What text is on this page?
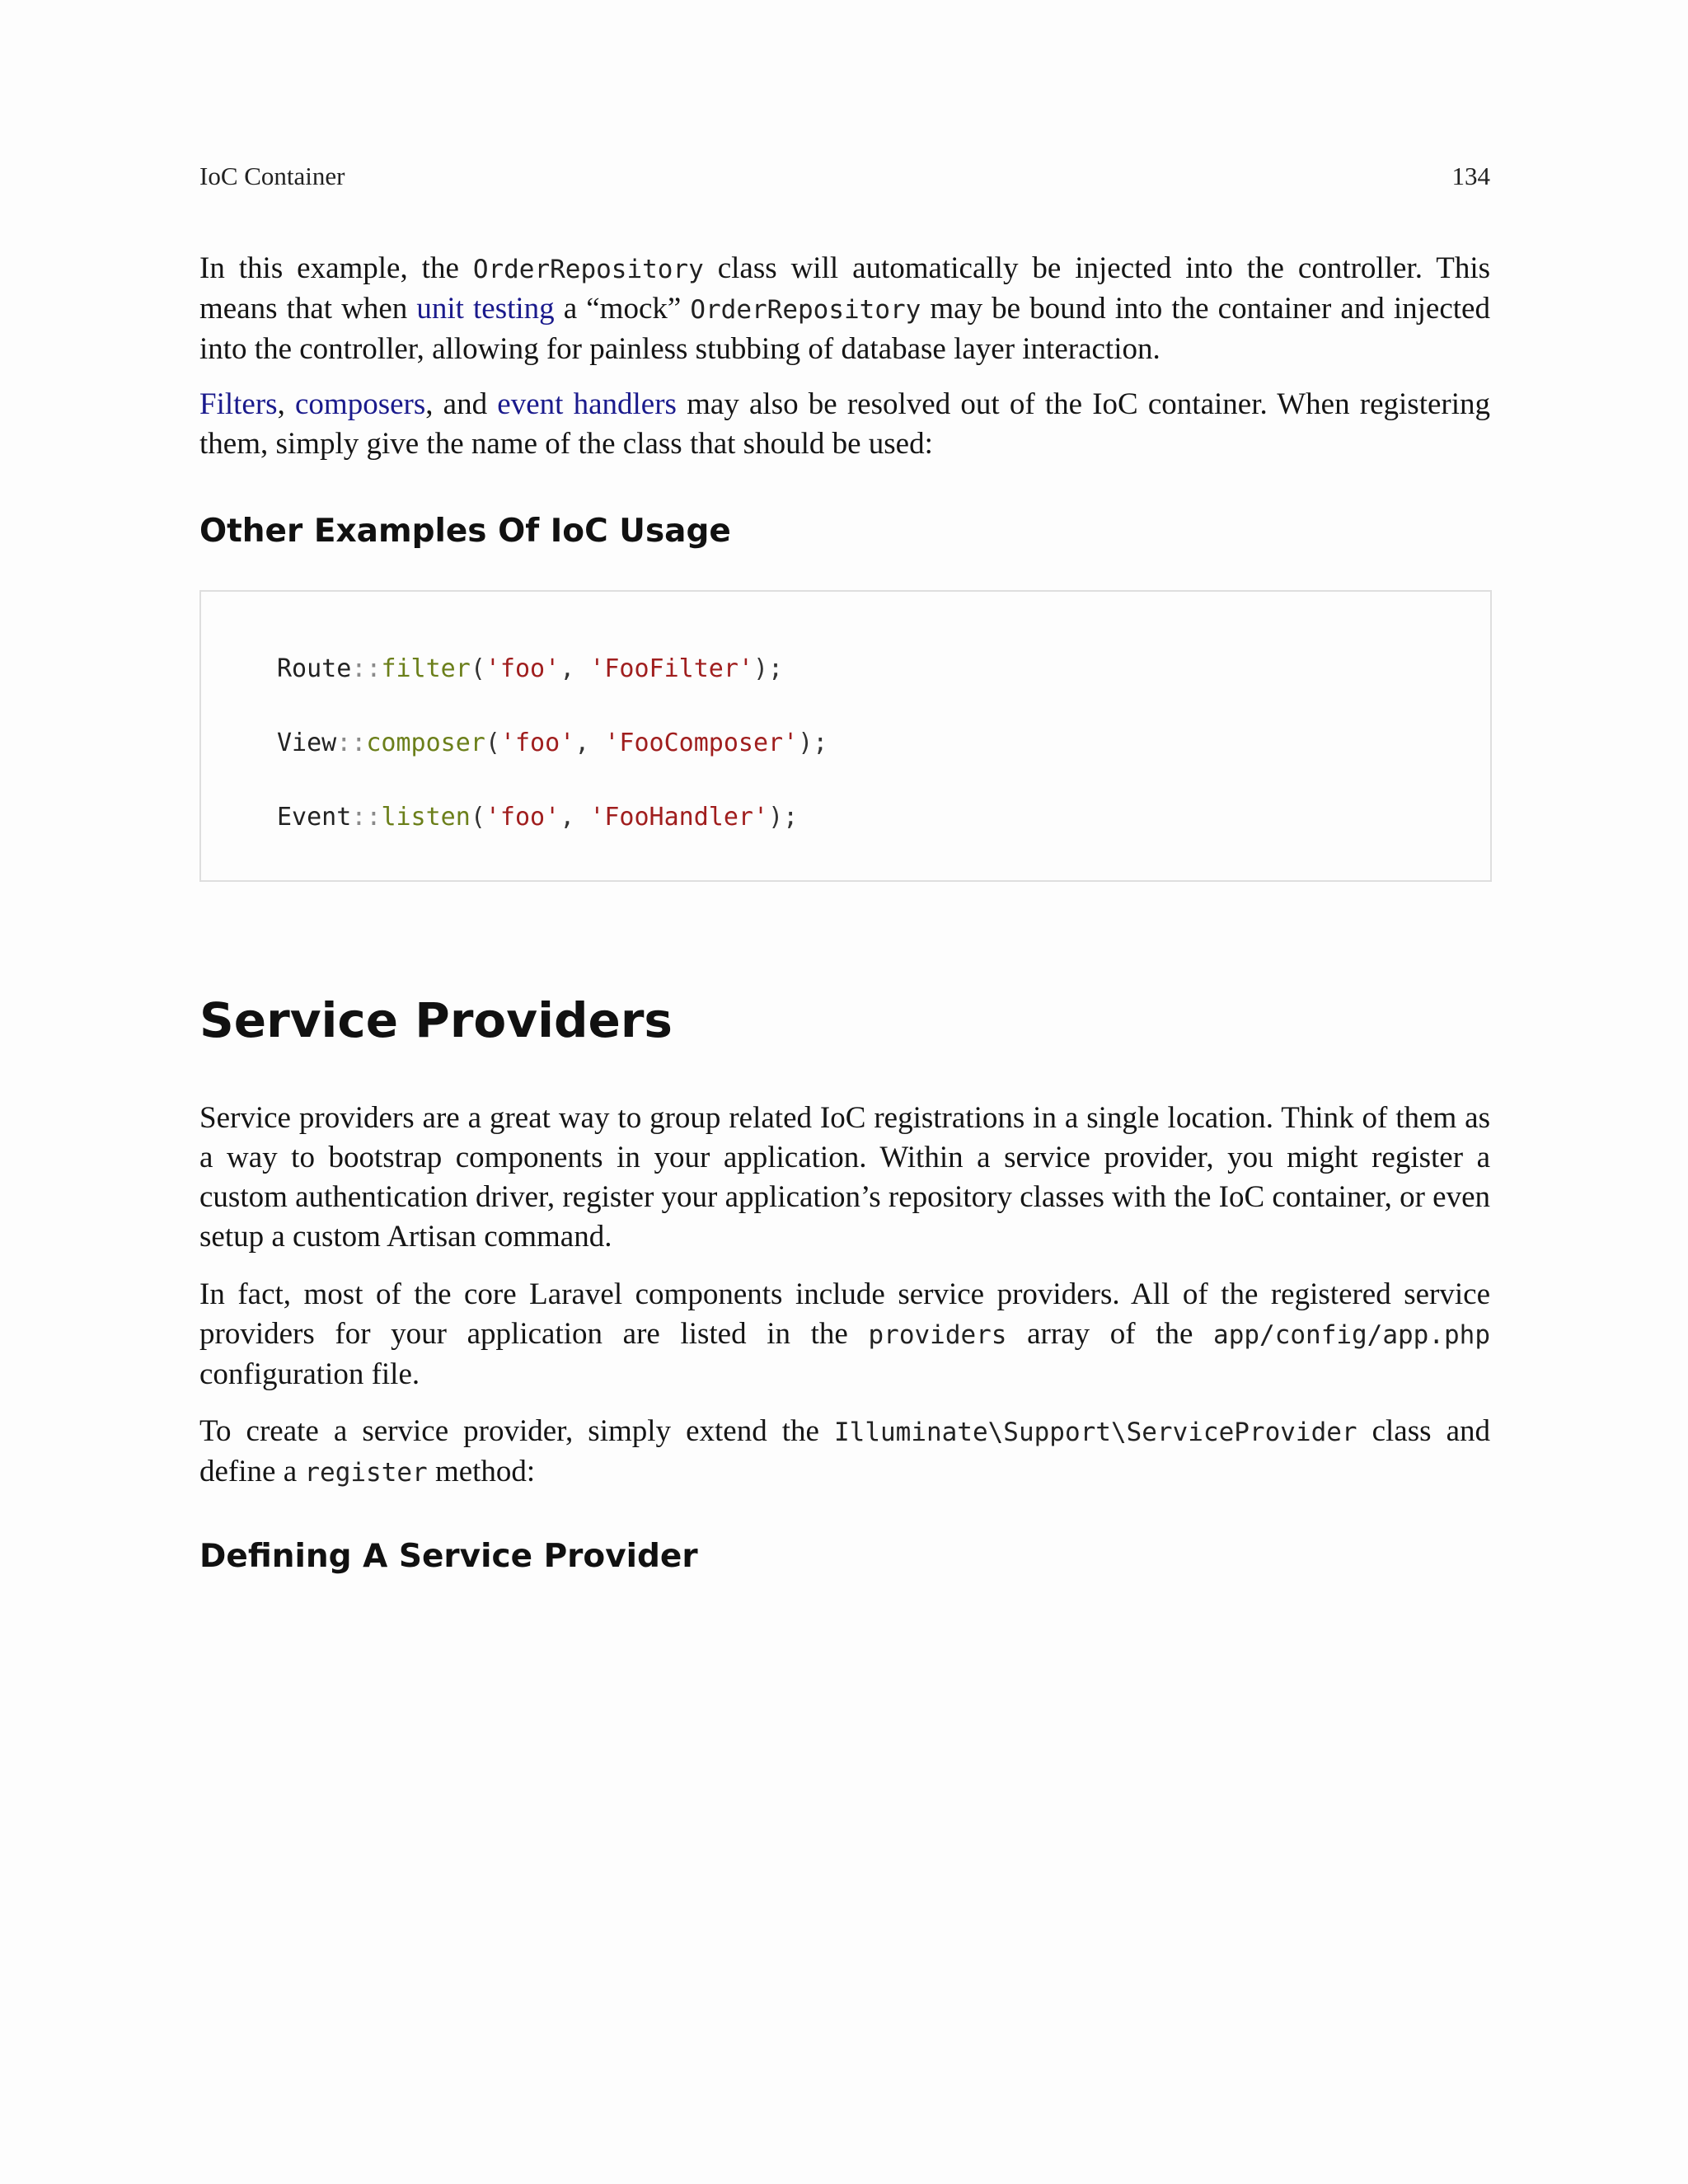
IoC Container	134

In this example, the OrderRepository class will automatically be injected into the controller. This means that when unit testing a “mock” OrderRepository may be bound into the container and injected into the controller, allowing for painless stubbing of database layer interaction.

Filters, composers, and event handlers may also be resolved out of the IoC container. When registering them, simply give the name of the class that should be used:

Other Examples Of IoC Usage
Route::filter('foo', 'FooFilter');
View::composer('foo', 'FooComposer');
Event::listen('foo', 'FooHandler');
Service Providers

Service providers are a great way to group related IoC registrations in a single location. Think of them as a way to bootstrap components in your application. Within a service provider, you might register a custom authentication driver, register your application’s repository classes with the IoC container, or even setup a custom Artisan command.

In fact, most of the core Laravel components include service providers. All of the registered service providers for your application are listed in the providers array of the app/config/app.php configuration file.

To create a service provider, simply extend the Illuminate\Support\ServiceProvider class and define a register method:

Defining A Service Provider
